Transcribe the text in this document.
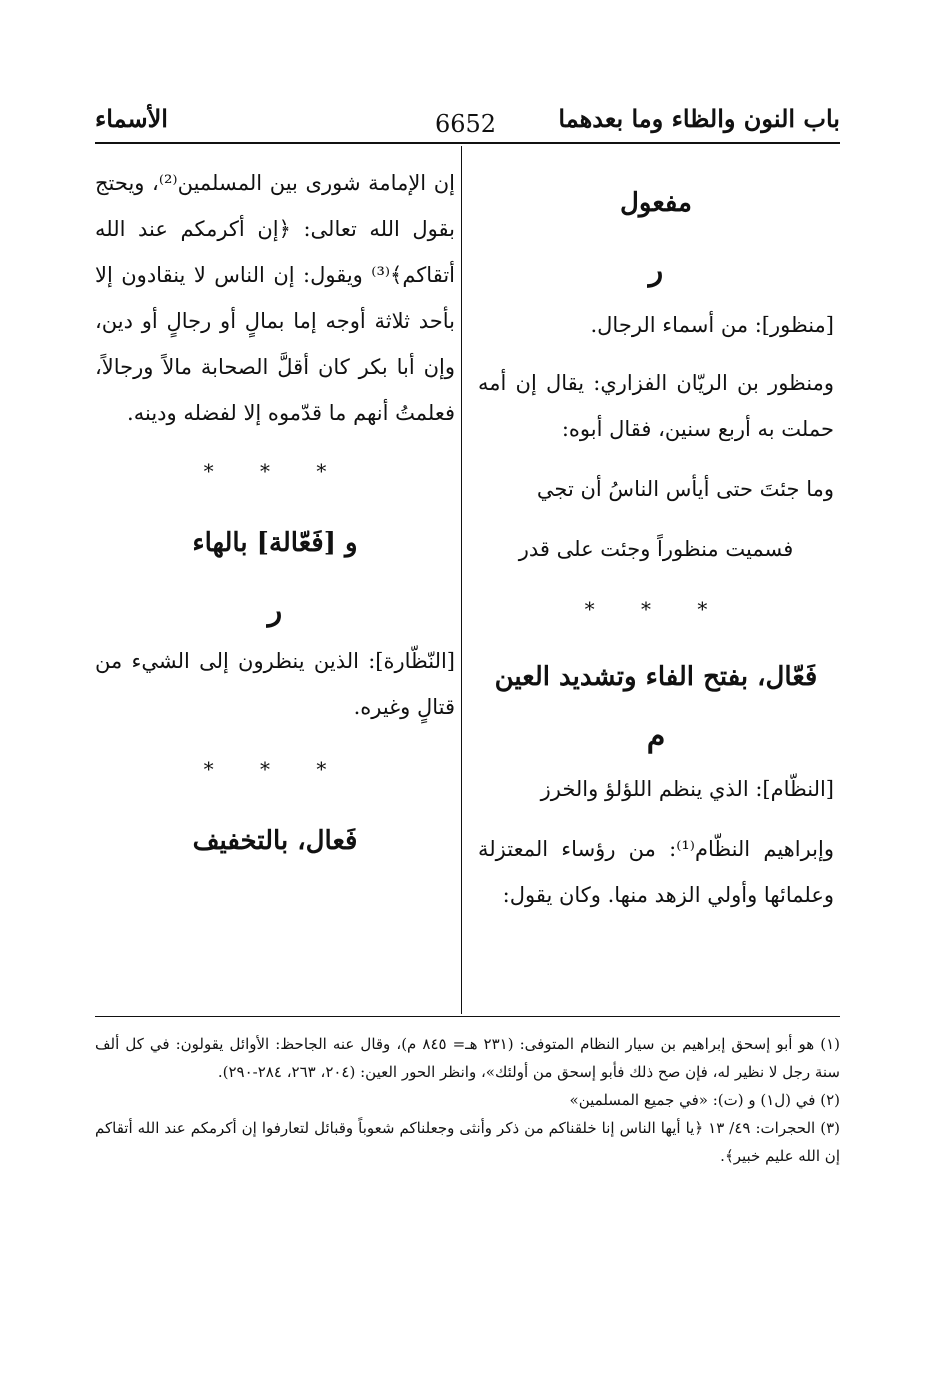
باب النون والظاء وما بعدهما
6652
الأسماء

مفعول

ر

[منظور]: من أسماء الرجال.

ومنظور بن الريّان الفزاري: يقال إن أمه حملت به أربع سنين، فقال أبوه:

وما جئتَ حتى أيأس الناسُ أن تجي

فسميت منظوراً وجئت على قدر

* * *

فَعّال، بفتح الفاء وتشديد العين

م

[النظّام]: الذي ينظم اللؤلؤ والخرز

وإبراهيم النظّام⁽¹⁾: من رؤساء المعتزلة وعلمائها وأولي الزهد منها. وكان يقول:

إن الإمامة شورى بين المسلمين⁽²⁾، ويحتج بقول الله تعالى: ﴿إن أكرمكم عند الله أتقاكم﴾⁽³⁾ ويقول: إن الناس لا ينقادون إلا بأحد ثلاثة أوجه إما بمالٍ أو رجالٍ أو دين، وإن أبا بكر كان أقلَّ الصحابة مالاً ورجالاً، فعلمتُ أنهم ما قدّموه إلا لفضله ودينه.

* * *

و [فَعّالة] بالهاء

ر

[النّظّارة]: الذين ينظرون إلى الشيء من قتالٍ وغيره.

* * *

فَعال، بالتخفيف

(١) هو أبو إسحق إبراهيم بن سيار النظام المتوفى: (٢٣١ هـ= ٨٤٥ م)، وقال عنه الجاحظ: الأوائل يقولون: في كل ألف سنة رجل لا نظير له، فإن صح ذلك فأبو إسحق من أولئك»، وانظر الحور العين: (٢٠٤، ٢٦٣، ٢٨٤-٢٩٠).

(٢) في (ل١) و (ت): «في جميع المسلمين»

(٣) الحجرات: ٤٩/ ١٣ ﴿يا أيها الناس إنا خلقناكم من ذكر وأنثى وجعلناكم شعوباً وقبائل لتعارفوا إن أكرمكم عند الله أتقاكم إن الله عليم خبير﴾.
